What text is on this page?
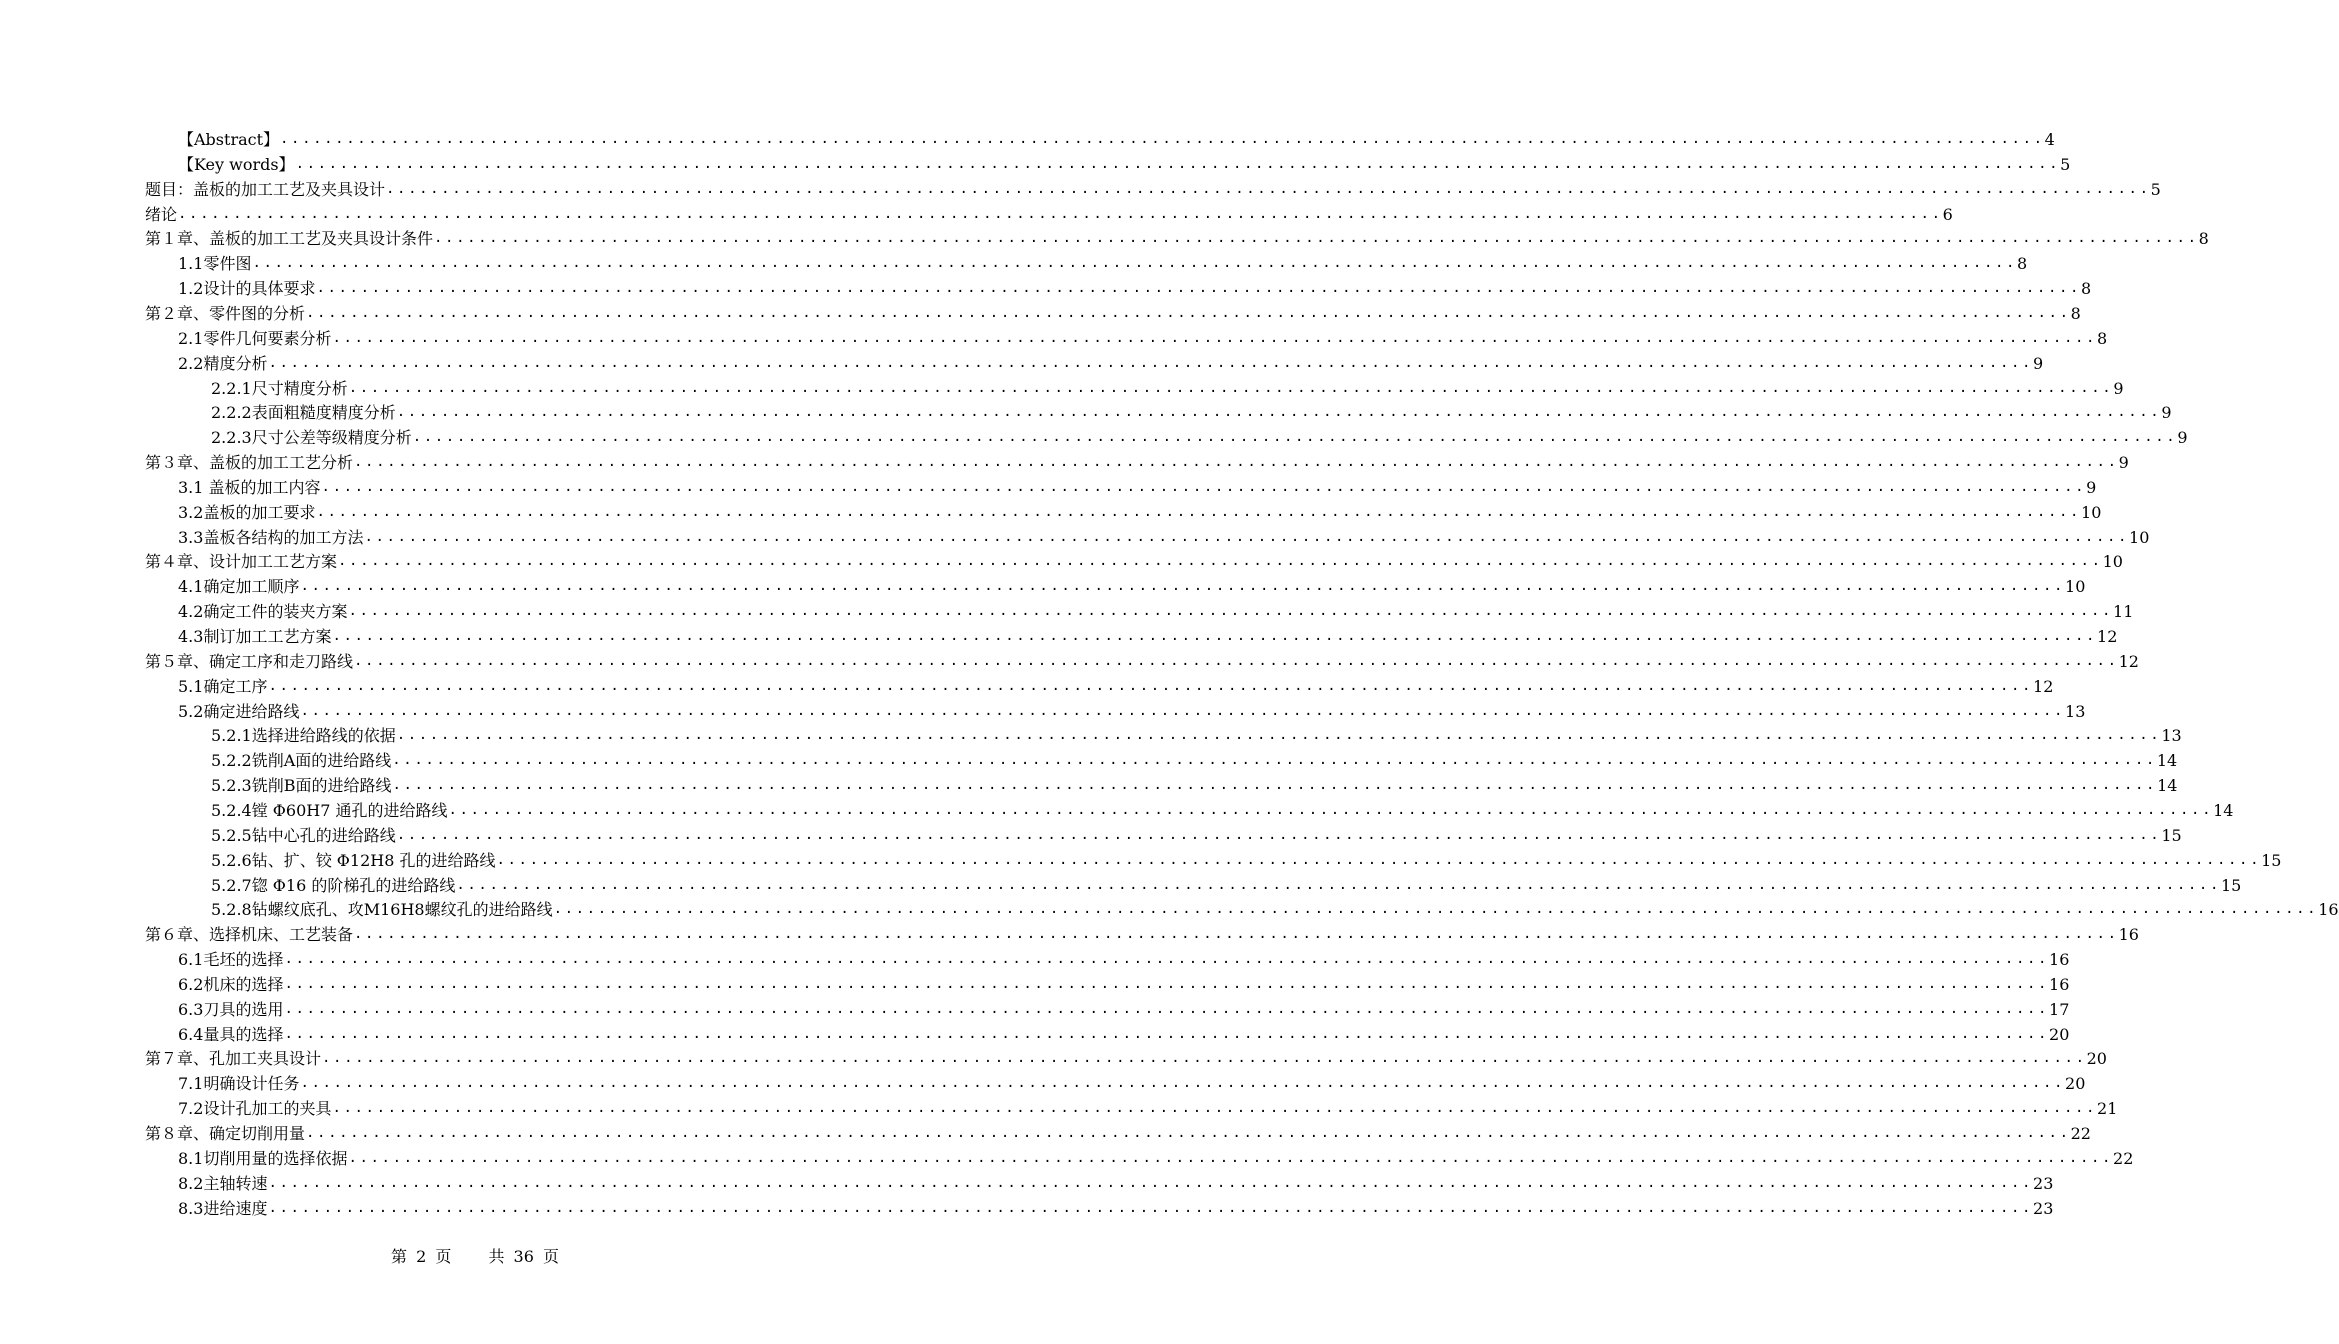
【Abstract】 ................................................................................................................................................................ 4
【Key words】 ................................................................................................................................................................ 5
题目：盖板的加工工艺及夹具设计 ................................................................................................................................................................ 5
绪论 ................................................................................................................................................................ 6
第１章、盖板的加工工艺及夹具设计条件 ................................................................................................................................................................ 8
1.1零件图 ................................................................................................................................................................ 8
1.2设计的具体要求 ................................................................................................................................................................ 8
第２章、零件图的分析 ................................................................................................................................................................ 8
2.1零件几何要素分析 ................................................................................................................................................................ 8
2.2精度分析 ................................................................................................................................................................ 9
2.2.1尺寸精度分析 ................................................................................................................................................................ 9
2.2.2表面粗糙度精度分析 ................................................................................................................................................................ 9
2.2.3尺寸公差等级精度分析 ................................................................................................................................................................ 9
第３章、盖板的加工工艺分析 ................................................................................................................................................................ 9
3.1 盖板的加工内容 ................................................................................................................................................................ 9
3.2盖板的加工要求 ................................................................................................................................................................ 10
3.3盖板各结构的加工方法 ................................................................................................................................................................ 10
第４章、设计加工工艺方案 ................................................................................................................................................................ 10
4.1确定加工顺序 ................................................................................................................................................................ 10
4.2确定工件的装夹方案 ................................................................................................................................................................ 11
4.3制订加工工艺方案 ................................................................................................................................................................ 12
第５章、确定工序和走刀路线 ................................................................................................................................................................ 12
5.1确定工序 ................................................................................................................................................................ 12
5.2确定进给路线 ................................................................................................................................................................ 13
5.2.1选择进给路线的依据 ................................................................................................................................................................ 13
5.2.2铣削A面的进给路线 ................................................................................................................................................................ 14
5.2.3铣削B面的进给路线 ................................................................................................................................................................ 14
5.2.4镗 Φ60H7 通孔的进给路线 ................................................................................................................................................................ 14
5.2.5钻中心孔的进给路线 ................................................................................................................................................................ 15
5.2.6钻、扩、铰 Φ12H8 孔的进给路线 ................................................................................................................................................................ 15
5.2.7锪 Φ16 的阶梯孔的进给路线 ................................................................................................................................................................ 15
5.2.8钻螺纹底孔、攻M16H8螺纹孔的进给路线 ................................................................................................................................................................ 16
第６章、选择机床、工艺装备 ................................................................................................................................................................ 16
6.1毛坯的选择 ................................................................................................................................................................ 16
6.2机床的选择 ................................................................................................................................................................ 16
6.3刀具的选用 ................................................................................................................................................................ 17
6.4量具的选择 ................................................................................................................................................................ 20
第７章、孔加工夹具设计 ................................................................................................................................................................ 20
7.1明确设计任务 ................................................................................................................................................................ 20
7.2设计孔加工的夹具 ................................................................................................................................................................ 21
第８章、确定切削用量 ................................................................................................................................................................ 22
8.1切削用量的选择依据 ................................................................................................................................................................ 22
8.2主轴转速 ................................................................................................................................................................ 23
8.3进给速度 ................................................................................................................................................................ 23
第 2 页 共 36 页
